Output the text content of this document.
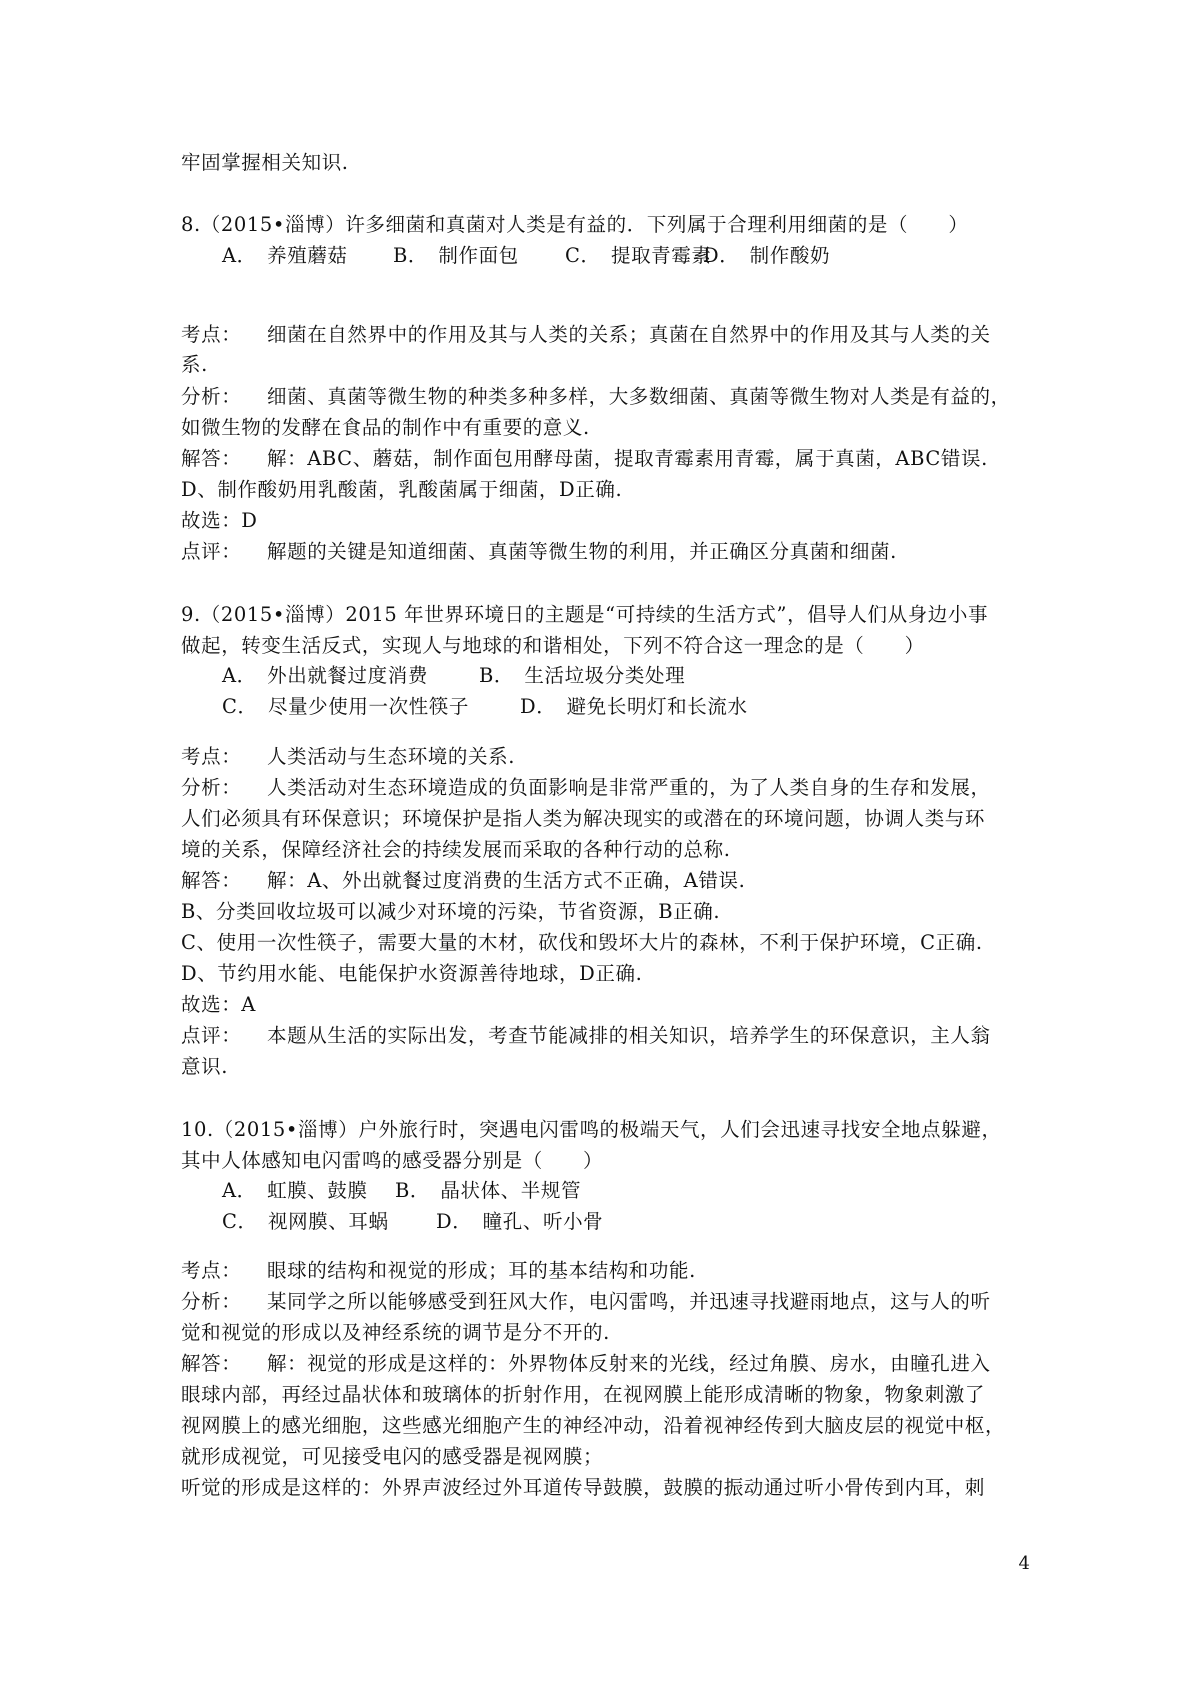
牢固掌握相关知识.
8.（2015•淄博）许多细菌和真菌对人类是有益的．下列属于合理利用细菌的是（　　）
考点： 细菌在自然界中的作用及其与人类的关系；真菌在自然界中的作用及其与人类的关
系.
分析： 细菌、真菌等微生物的种类多种多样，大多数细菌、真菌等微生物对人类是有益的，
如微生物的发酵在食品的制作中有重要的意义.
解答： 解：ABC、蘑菇，制作面包用酵母菌，提取青霉素用青霉，属于真菌，ABC错误.
D、制作酸奶用乳酸菌，乳酸菌属于细菌，D正确.
故选：D
点评： 解题的关键是知道细菌、真菌等微生物的利用，并正确区分真菌和细菌.
9.（2015•淄博）2015 年世界环境日的主题是“可持续的生活方式”，倡导人们从身边小事
做起，转变生活反式，实现人与地球的和谐相处，下列不符合这一理念的是（　　）
考点： 人类活动与生态环境的关系.
分析： 人类活动对生态环境造成的负面影响是非常严重的，为了人类自身的生存和发展，
人们必须具有环保意识；环境保护是指人类为解决现实的或潜在的环境问题，协调人类与环
境的关系，保障经济社会的持续发展而采取的各种行动的总称.
解答： 解：A、外出就餐过度消费的生活方式不正确，A错误.
B、分类回收垃圾可以减少对环境的污染，节省资源，B正确.
C、使用一次性筷子，需要大量的木材，砍伐和毁坏大片的森林，不利于保护环境，C正确.
D、节约用水能、电能保护水资源善待地球，D正确.
故选：A
点评： 本题从生活的实际出发，考查节能减排的相关知识，培养学生的环保意识，主人翁
意识.
10.（2015•淄博）户外旅行时，突遇电闪雷鸣的极端天气，人们会迅速寻找安全地点躲避，
其中人体感知电闪雷鸣的感受器分别是（　　）
考点： 眼球的结构和视觉的形成；耳的基本结构和功能.
分析： 某同学之所以能够感受到狂风大作，电闪雷鸣，并迅速寻找避雨地点，这与人的听
觉和视觉的形成以及神经系统的调节是分不开的.
解答： 解：视觉的形成是这样的：外界物体反射来的光线，经过角膜、房水，由瞳孔进入
眼球内部，再经过晶状体和玻璃体的折射作用，在视网膜上能形成清晰的物象，物象刺激了
视网膜上的感光细胞，这些感光细胞产生的神经冲动，沿着视神经传到大脑皮层的视觉中枢，
就形成视觉，可见接受电闪的感受器是视网膜；
听觉的形成是这样的：外界声波经过外耳道传导鼓膜，鼓膜的振动通过听小骨传到内耳，刺
A．　养殖蘑菇 B．　制作面包 C．　提取青霉素
D．　制作酸奶
A．　外出就餐过度消费	B．　生活垃圾分类处理
C．　尽量少使用一次性筷子	D．　避免长明灯和长流水
A．　虹膜、鼓膜 B．　晶状体、半规管
C．　视网膜、耳蜗 D．　瞳孔、听小骨
4
